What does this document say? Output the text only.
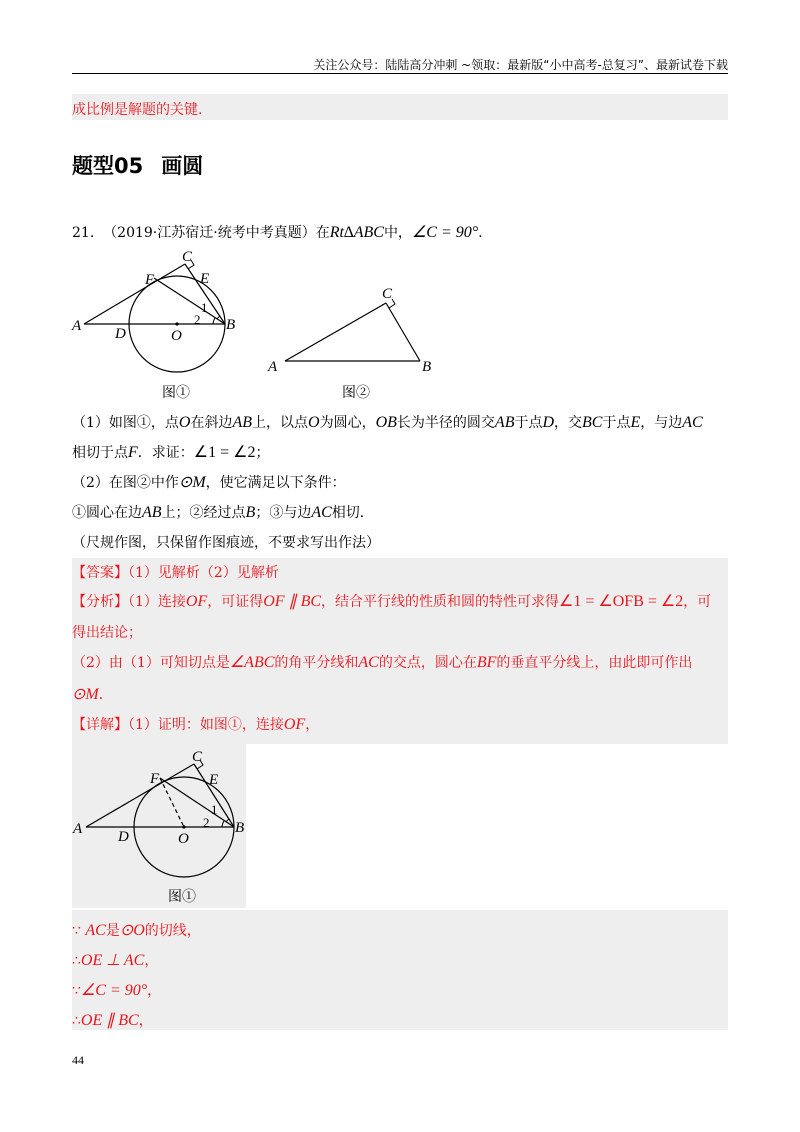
关注公众号：陆陆高分冲刺 ~领取：最新版“小中高考-总复习”、最新试卷下载
成比例是解题的关键.
题型05 画圆
21. （2019·江苏宿迁·统考中考真题）在Rt∆ABC中，∠C = 90°.
A	B
C
D
E
F
O
1
2
图①
A	B
C
图②
（1）如图①，点O在斜边AB上，以点O为圆心，OB长为半径的圆交AB于点D，交BC于点E，与边AC
相切于点F．求证：∠1 = ∠2；
（2）在图②中作⊙M，使它满足以下条件：
①圆心在边AB上；②经过点B；③与边AC相切．
（尺规作图，只保留作图痕迹，不要求写出作法）
【答案】（1）见解析（2）见解析
【分析】（1）连接OF，可证得OF ∥ BC，结合平行线的性质和圆的特性可求得∠1 = ∠OFB = ∠2，可
得出结论；
（2）由（1）可知切点是∠ABC的角平分线和AC的交点，圆心在BF的垂直平分线上，由此即可作出
⊙M．
【详解】（1）证明：如图①，连接OF，
A	B
C
D
E
F
O
1
2
图①
∵ AC是⊙O的切线，
∴OE ⊥ AC，
∵∠C = 90°，
∴OE ∥ BC，
44
